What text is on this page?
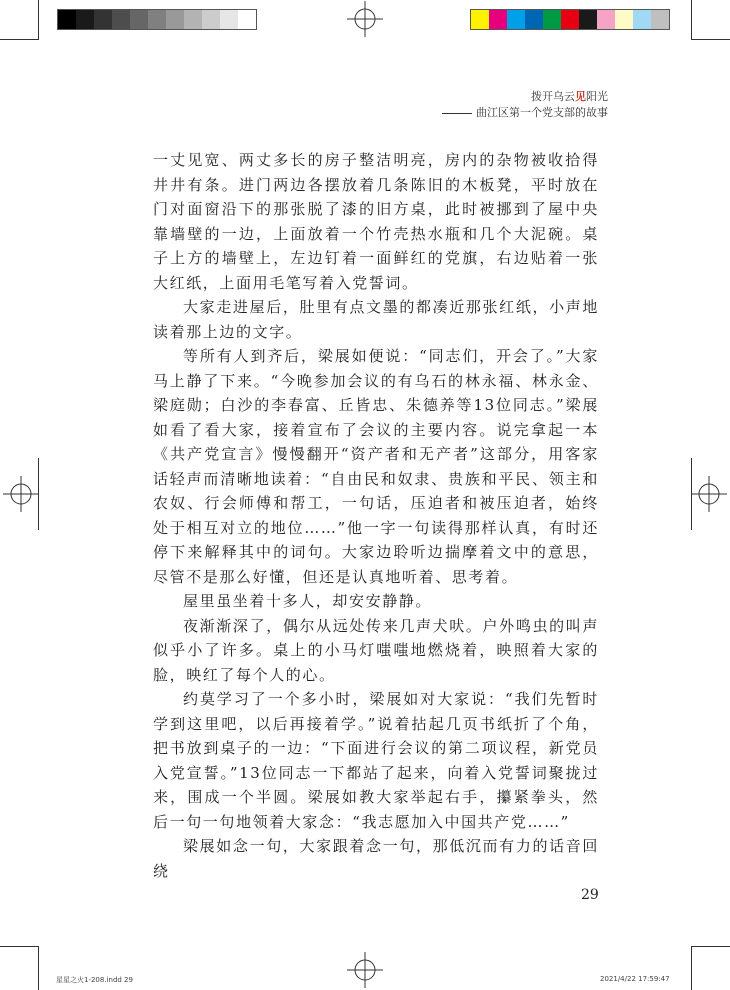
拨开乌云见阳光
曲江区第一个党支部的故事

一丈见宽、两丈多长的房子整洁明亮，房内的杂物被收拾得井井有条。进门两边各摆放着几条陈旧的木板凳，平时放在门对面窗沿下的那张脱了漆的旧方桌，此时被挪到了屋中央靠墙壁的一边，上面放着一个竹壳热水瓶和几个大泥碗。桌子上方的墙壁上，左边钉着一面鲜红的党旗，右边贴着一张大红纸，上面用毛笔写着入党誓词。

大家走进屋后，肚里有点文墨的都凑近那张红纸，小声地读着那上边的文字。

等所有人到齐后，梁展如便说：“同志们，开会了。”大家马上静了下来。“今晚参加会议的有乌石的林永福、林永金、梁庭勋；白沙的李春富、丘皆忠、朱德养等13位同志。”梁展如看了看大家，接着宣布了会议的主要内容。说完拿起一本《共产党宣言》慢慢翻开“资产者和无产者”这部分，用客家话轻声而清晰地读着：“自由民和奴隶、贵族和平民、领主和农奴、行会师傅和帮工，一句话，压迫者和被压迫者，始终处于相互对立的地位……”他一字一句读得那样认真，有时还停下来解释其中的词句。大家边聆听边揣摩着文中的意思，尽管不是那么好懂，但还是认真地听着、思考着。

屋里虽坐着十多人，却安安静静。

夜渐渐深了，偶尔从远处传来几声犬吠。户外鸣虫的叫声似乎小了许多。桌上的小马灯嗤嗤地燃烧着，映照着大家的脸，映红了每个人的心。

约莫学习了一个多小时，梁展如对大家说：“我们先暂时学到这里吧，以后再接着学。”说着拈起几页书纸折了个角，把书放到桌子的一边：“下面进行会议的第二项议程，新党员入党宣誓。”13位同志一下都站了起来，向着入党誓词聚拢过来，围成一个半圆。梁展如教大家举起右手，攥紧拳头，然后一句一句地领着大家念：“我志愿加入中国共产党……”

梁展如念一句，大家跟着念一句，那低沉而有力的话音回绕

29
星星之火1-208.indd 29	2021/4/22 17:59:47
